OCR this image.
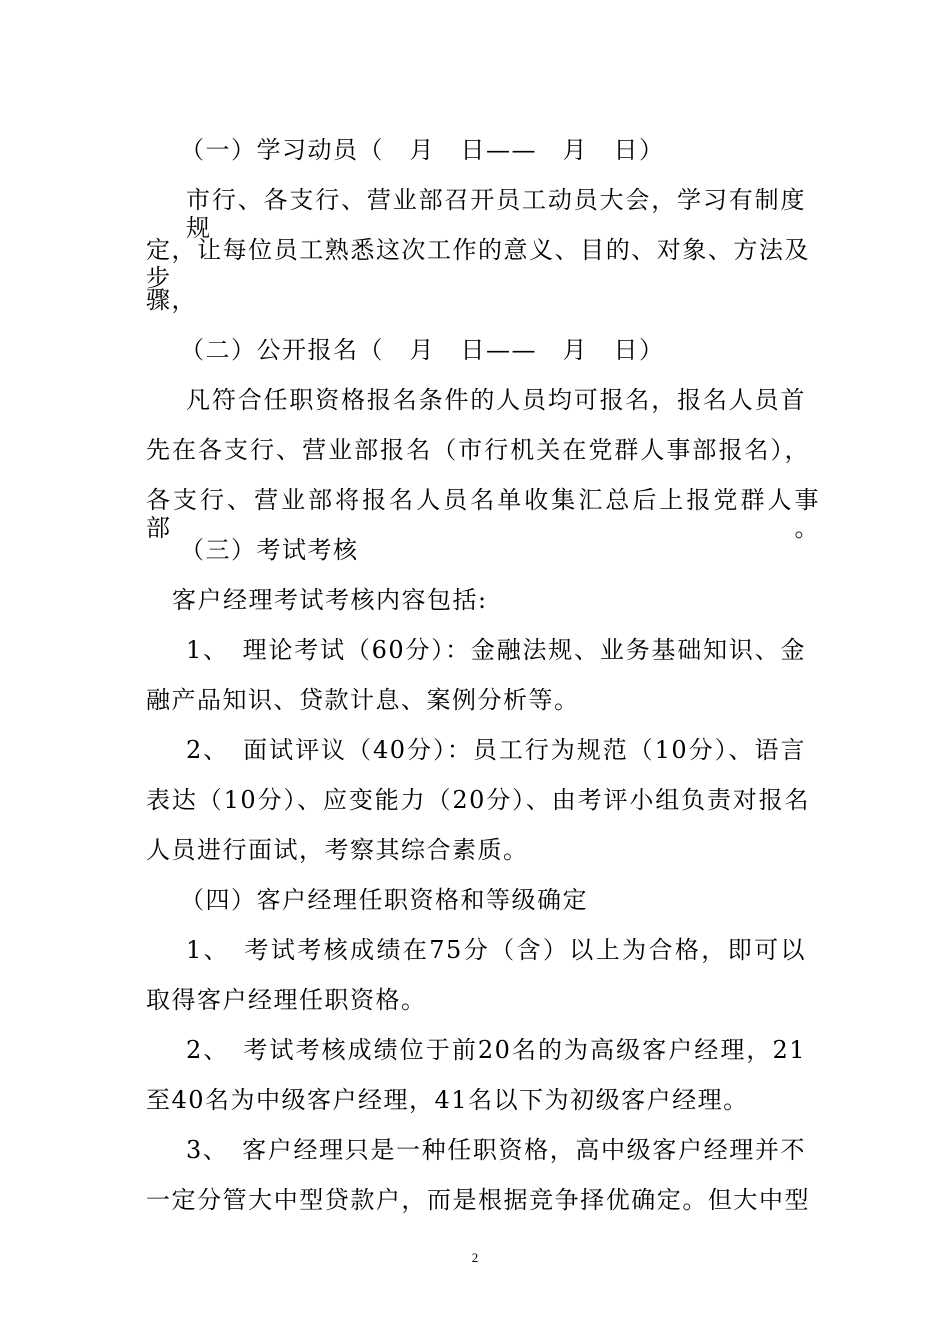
（一）学习动员（　月　日——　月　日）
市行、各支行、营业部召开员工动员大会，学习有制度规
定，让每位员工熟悉这次工作的意义、目的、对象、方法及步
骤，
（二）公开报名（　月　日——　月　日）
凡符合任职资格报名条件的人员均可报名，报名人员首
先在各支行、营业部报名（市行机关在党群人事部报名），
各支行、营业部将报名人员名单收集汇总后上报党群人事部。
（三）考试考核
客户经理考试考核内容包括:
1、　理论考试（60分）：金融法规、业务基础知识、金
融产品知识、贷款计息、案例分析等。
2、　面试评议（40分）：员工行为规范（10分）、语言
表达（10分）、应变能力（20分）、由考评小组负责对报名
人员进行面试，考察其综合素质。
（四）客户经理任职资格和等级确定
1、　考试考核成绩在75分（含）以上为合格，即可以
取得客户经理任职资格。
2、　考试考核成绩位于前20名的为高级客户经理，21
至40名为中级客户经理，41名以下为初级客户经理。
3、　客户经理只是一种任职资格，高中级客户经理并不
一定分管大中型贷款户，而是根据竞争择优确定。但大中型
2
